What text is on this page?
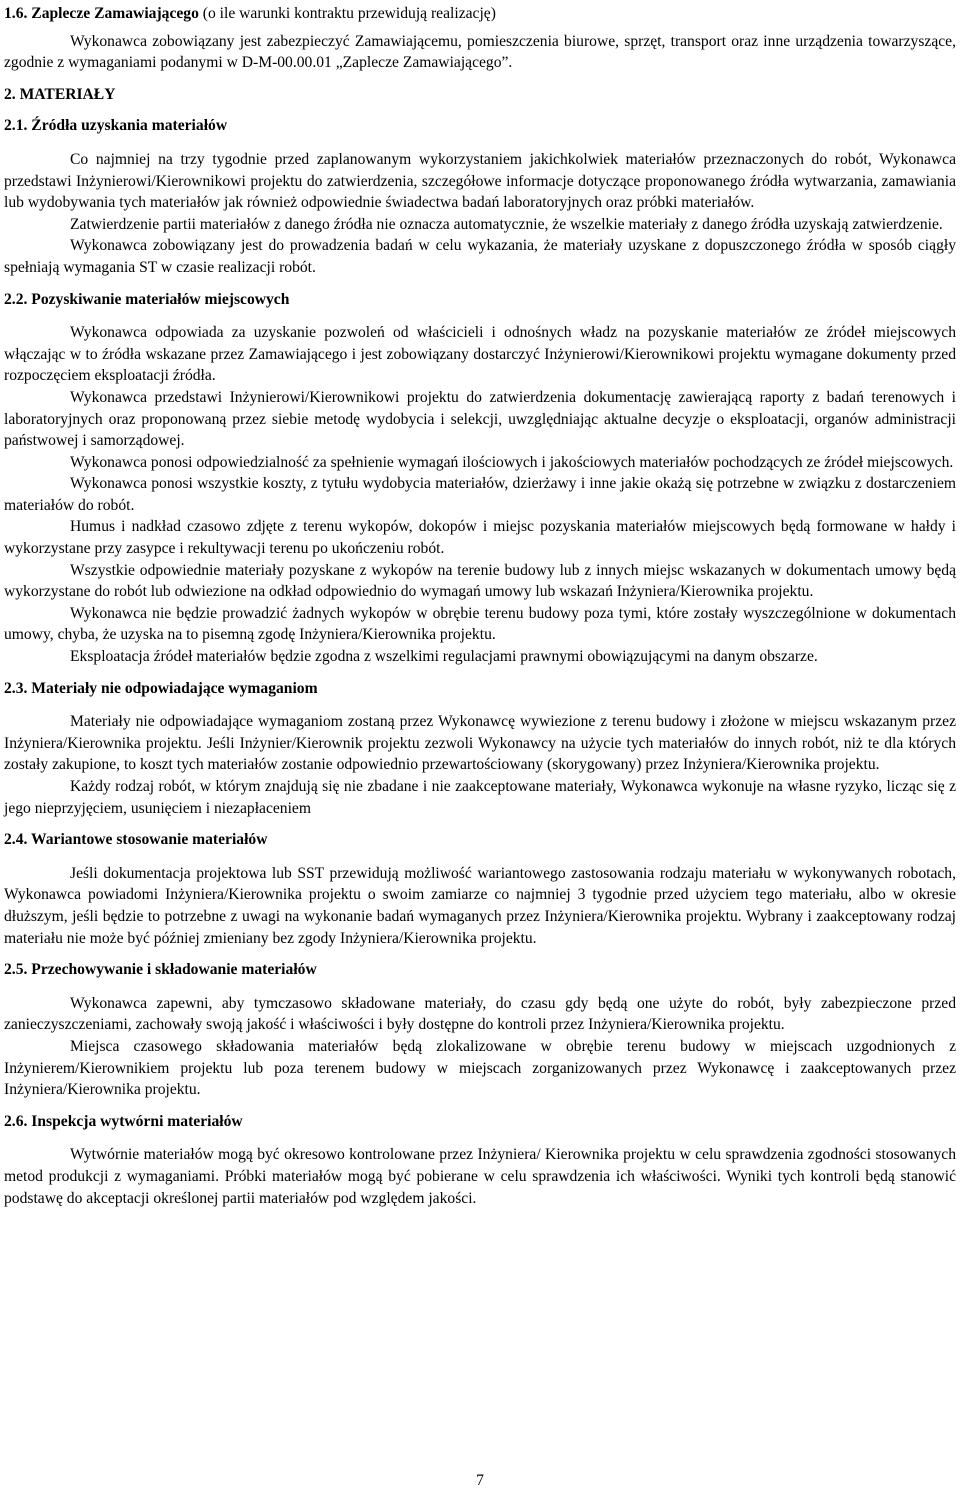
1.6. Zaplecze Zamawiającego (o ile warunki kontraktu przewidują realizację)

Wykonawca zobowiązany jest zabezpieczyć Zamawiającemu, pomieszczenia biurowe, sprzęt, transport oraz inne urządzenia towarzyszące, zgodnie z wymaganiami podanymi w D-M-00.00.01 „Zaplecze Zamawiającego”.

2. MATERIAŁY

2.1. Źródła uzyskania materiałów

Co najmniej na trzy tygodnie przed zaplanowanym wykorzystaniem jakichkolwiek materiałów przeznaczonych do robót, Wykonawca przedstawi Inżynierowi/Kierownikowi projektu do zatwierdzenia, szczegółowe informacje dotyczące proponowanego źródła wytwarzania, zamawiania lub wydobywania tych materiałów jak również odpowiednie świadectwa badań laboratoryjnych oraz próbki materiałów.

Zatwierdzenie partii materiałów z danego źródła nie oznacza automatycznie, że wszelkie materiały z danego źródła uzyskają zatwierdzenie.

Wykonawca zobowiązany jest do prowadzenia badań w celu wykazania, że materiały uzyskane z dopuszczonego źródła w sposób ciągły spełniają wymagania ST w czasie realizacji robót.

2.2. Pozyskiwanie materiałów miejscowych

Wykonawca odpowiada za uzyskanie pozwoleń od właścicieli i odnośnych władz na pozyskanie materiałów ze źródeł miejscowych włączając w to źródła wskazane przez Zamawiającego i jest zobowiązany dostarczyć Inżynierowi/Kierownikowi projektu wymagane dokumenty przed rozpoczęciem eksploatacji źródła.

Wykonawca przedstawi Inżynierowi/Kierownikowi projektu do zatwierdzenia dokumentację zawierającą raporty z badań terenowych i laboratoryjnych oraz proponowaną przez siebie metodę wydobycia i selekcji, uwzględniając aktualne decyzje o eksploatacji, organów administracji państwowej i samorządowej.

Wykonawca ponosi odpowiedzialność za spełnienie wymagań ilościowych i jakościowych materiałów pochodzących ze źródeł miejscowych.

Wykonawca ponosi wszystkie koszty, z tytułu wydobycia materiałów, dzierżawy i inne jakie okażą się potrzebne w związku z dostarczeniem materiałów do robót.

Humus i nadkład czasowo zdjęte z terenu wykopów, dokopów i miejsc pozyskania materiałów miejscowych będą formowane w hałdy i wykorzystane przy zasypce i rekultywacji terenu po ukończeniu robót.

Wszystkie odpowiednie materiały pozyskane z wykopów na terenie budowy lub z innych miejsc wskazanych w dokumentach umowy będą wykorzystane do robót lub odwiezione na odkład odpowiednio do wymagań umowy lub wskazań Inżyniera/Kierownika projektu.

Wykonawca nie będzie prowadzić żadnych wykopów w obrębie terenu budowy poza tymi, które zostały wyszczególnione w dokumentach umowy, chyba, że uzyska na to pisemną zgodę Inżyniera/Kierownika projektu.

Eksploatacja źródeł materiałów będzie zgodna z wszelkimi regulacjami prawnymi obowiązującymi na danym obszarze.

2.3. Materiały nie odpowiadające wymaganiom

Materiały nie odpowiadające wymaganiom zostaną przez Wykonawcę wywiezione z terenu budowy i złożone w miejscu wskazanym przez Inżyniera/Kierownika projektu. Jeśli Inżynier/Kierownik projektu zezwoli Wykonawcy na użycie tych materiałów do innych robót, niż te dla których zostały zakupione, to koszt tych materiałów zostanie odpowiednio przewartościowany (skorygowany) przez Inżyniera/Kierownika projektu.

Każdy rodzaj robót, w którym znajdują się nie zbadane i nie zaakceptowane materiały, Wykonawca wykonuje na własne ryzyko, licząc się z jego nieprzyjęciem, usunięciem i niezapłaceniem

2.4. Wariantowe stosowanie materiałów

Jeśli dokumentacja projektowa lub SST przewidują możliwość wariantowego zastosowania rodzaju materiału w wykonywanych robotach, Wykonawca powiadomi Inżyniera/Kierownika projektu o swoim zamiarze co najmniej 3 tygodnie przed użyciem tego materiału, albo w okresie dłuższym, jeśli będzie to potrzebne z uwagi na wykonanie badań wymaganych przez Inżyniera/Kierownika projektu. Wybrany i zaakceptowany rodzaj materiału nie może być później zmieniany bez zgody Inżyniera/Kierownika projektu.

2.5. Przechowywanie i składowanie materiałów

Wykonawca zapewni, aby tymczasowo składowane materiały, do czasu gdy będą one użyte do robót, były zabezpieczone przed zanieczyszczeniami, zachowały swoją jakość i właściwości i były dostępne do kontroli przez Inżyniera/Kierownika projektu.

Miejsca czasowego składowania materiałów będą zlokalizowane w obrębie terenu budowy w miejscach uzgodnionych z Inżynierem/Kierownikiem projektu lub poza terenem budowy w miejscach zorganizowanych przez Wykonawcę i zaakceptowanych przez Inżyniera/Kierownika projektu.

2.6. Inspekcja wytwórni materiałów

Wytwórnie materiałów mogą być okresowo kontrolowane przez Inżyniera/ Kierownika projektu w celu sprawdzenia zgodności stosowanych metod produkcji z wymaganiami. Próbki materiałów mogą być pobierane w celu sprawdzenia ich właściwości. Wyniki tych kontroli będą stanowić podstawę do akceptacji określonej partii materiałów pod względem jakości.

7
